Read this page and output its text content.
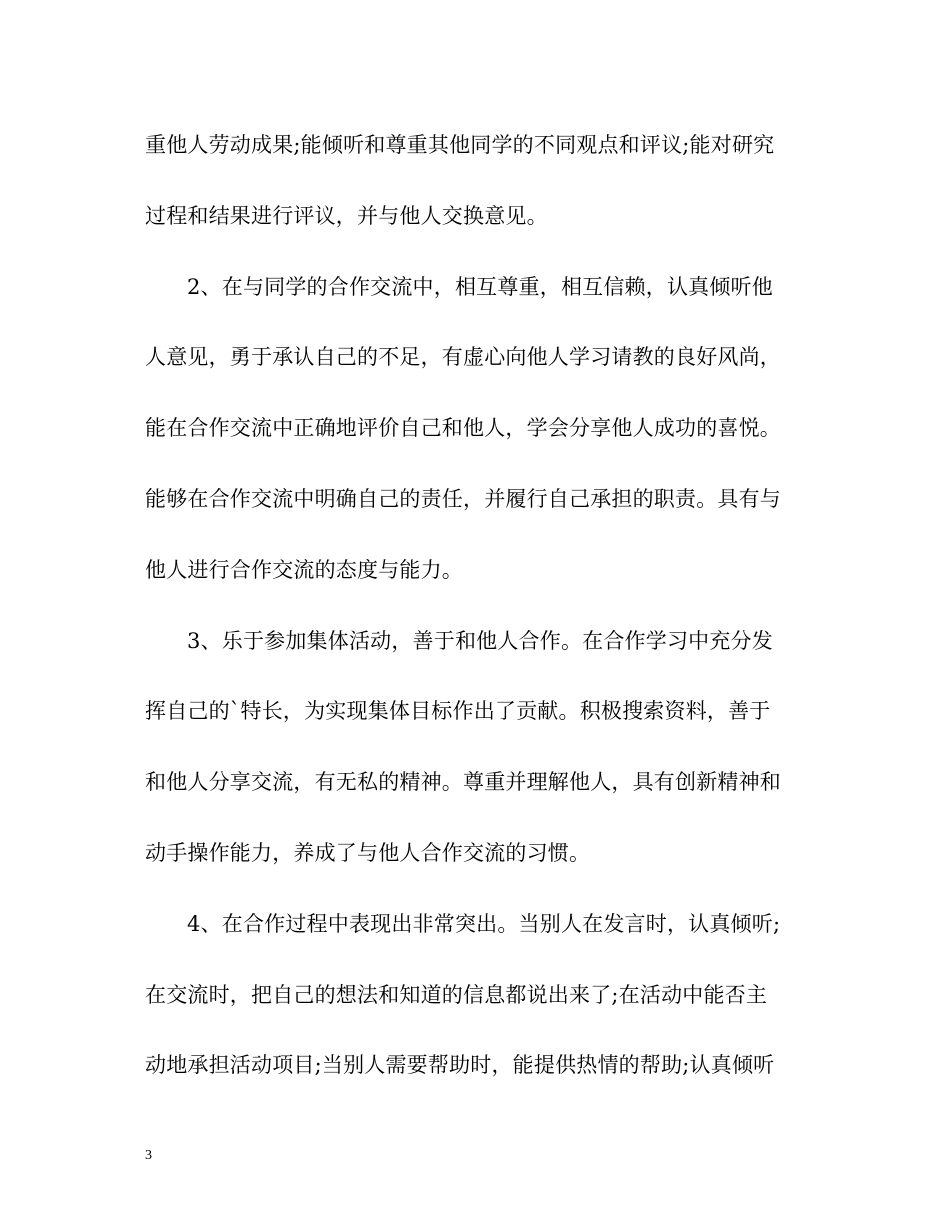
重他人劳动成果;能倾听和尊重其他同学的不同观点和评议;能对研究
过程和结果进行评议，并与他人交换意见。
2、在与同学的合作交流中，相互尊重，相互信赖，认真倾听他
人意见，勇于承认自己的不足，有虚心向他人学习请教的良好风尚，
能在合作交流中正确地评价自己和他人，学会分享他人成功的喜悦。
能够在合作交流中明确自己的责任，并履行自己承担的职责。具有与
他人进行合作交流的态度与能力。
3、乐于参加集体活动，善于和他人合作。在合作学习中充分发
挥自己的`特长，为实现集体目标作出了贡献。积极搜索资料，善于
和他人分享交流，有无私的精神。尊重并理解他人，具有创新精神和
动手操作能力，养成了与他人合作交流的习惯。
4、在合作过程中表现出非常突出。当别人在发言时，认真倾听;
在交流时，把自己的想法和知道的信息都说出来了;在活动中能否主
动地承担活动项目;当别人需要帮助时，能提供热情的帮助;认真倾听
3
